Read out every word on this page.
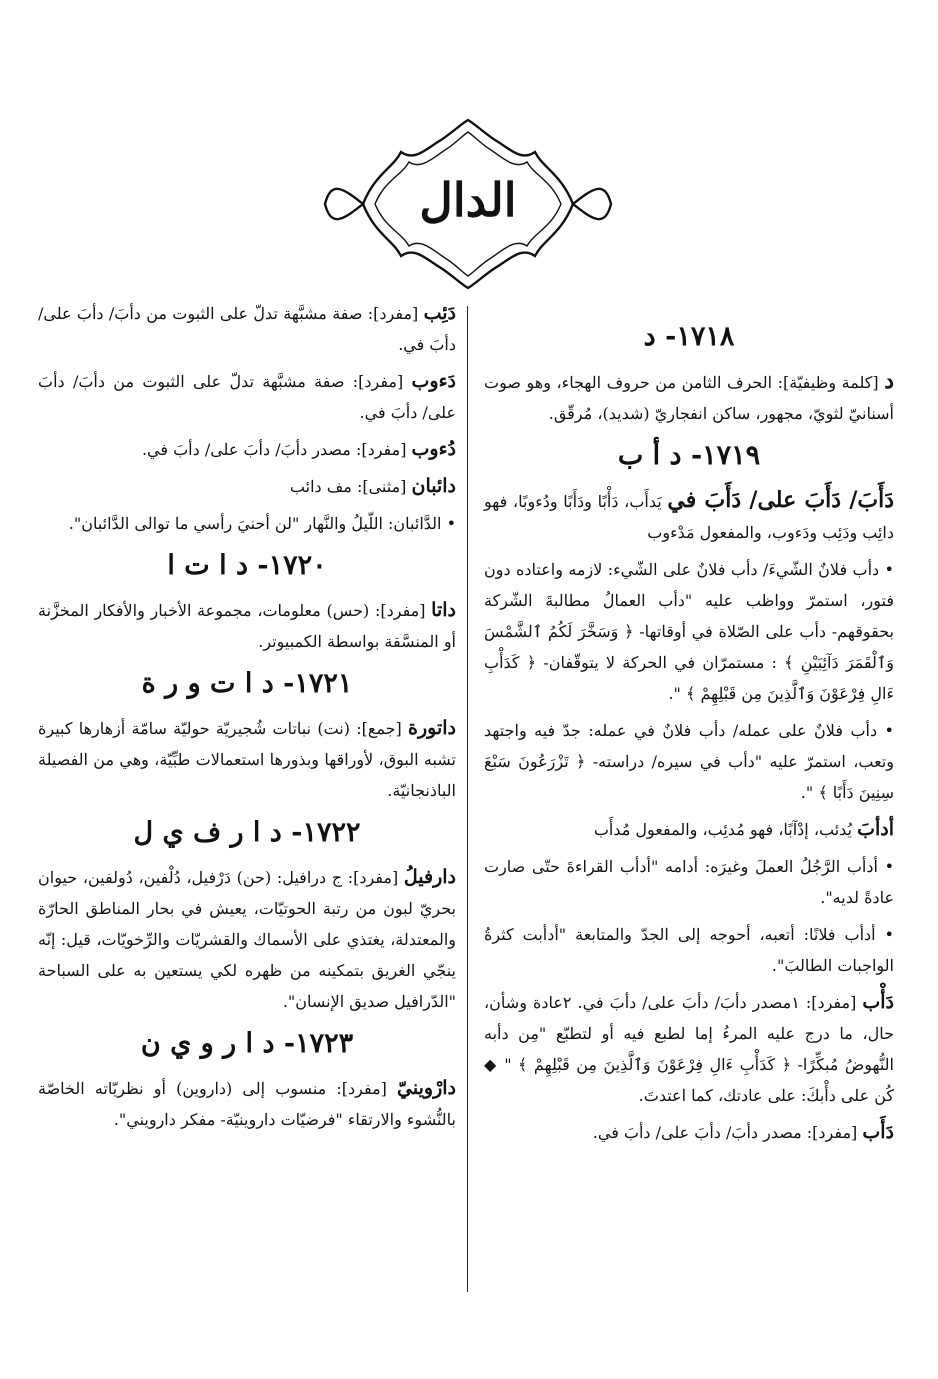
الدال
١٧١٨- د
د [كلمة وظيفيّة]: الحرف الثامن من حروف الهجاء، وهو صوت أسنانيّ لثويّ، مجهور، ساكن انفجاريّ (شديد)، مُرقّق.
١٧١٩- د أ ب
دَأَبَ/ دَأَبَ على/ دَأَبَ في يَدأَب، دَأْبًا ودَأَبًا ودُءوبًا، فهو دائِب ودَئِب ودَءوب، والمفعول مَدْءوب
• دأب فلانٌ الشّيءَ/ دأب فلانٌ على الشّيء: لازمه واعتاده دون فتور، استمرّ وواظب عليه "دأب العمالُ مطالبةَ الشّركة بحقوقهم- دأب على الصّلاة في أوقاتها- ﴿ وَسَخَّرَ لَكُمُ ٱلشَّمْسَ وَٱلْقَمَرَ دَآئِبَيْنِ ﴾ : مستمرّان في الحركة لا يتوقّفان- ﴿ كَدَأْبِ ءَالِ فِرْعَوْنَ وَٱلَّذِينَ مِن قَبْلِهِمْ ﴾ ".
• دأب فلانٌ على عمله/ دأب فلانٌ في عمله: جدّ فيه واجتهد وتعب، استمرّ عليه "دأب في سيره/ دراسته- ﴿ تَزْرَعُونَ سَبْعَ سِنِينَ دَأَبًا ﴾ ".
أدأبَ يُدئب، إدْآبًا، فهو مُدئِب، والمفعول مُدأَب
• أدأب الرَّجُلُ العملَ وغيرَه: أدامه "أدأب القراءةَ حتّى صارت عادةً لديه".
• أدأب فلانًا: أتعبه، أحوجه إلى الجدّ والمتابعة "أدأبت كثرةُ الواجبات الطالبَ".
دَأْب [مفرد]: ١مصدر دأبَ/ دأبَ على/ دأبَ في. ٢عادة وشأن، حال، ما درج عليه المرءُ إما لطبع فيه أو لتطبّع "مِن دأبه النُّهوضُ مُبكِّرًا- ﴿ كَدَأْبِ ءَالِ فِرْعَوْنَ وَٱلَّذِينَ مِن قَبْلِهِمْ ﴾ " ◆ كُن على دأْبكَ: على عادتك، كما اعتدتَ.
دَأَب [مفرد]: مصدر دأبَ/ دأبَ على/ دأبَ في.
دَئِب [مفرد]: صفة مشبَّهة تدلّ على الثبوت من دأبَ/ دأبَ على/ دأبَ في.
دَءوب [مفرد]: صفة مشبَّهة تدلّ على الثبوت من دأبَ/ دأبَ على/ دأبَ في.
دُءوب [مفرد]: مصدر دأبَ/ دأبَ على/ دأبَ في.
دائبان [مثنى]: مف دائب
• الدَّائبان: اللّيلُ والنَّهار "لن أحنيَ رأسي ما توالى الدَّائبان".
١٧٢٠- د ا ت ا
داتا [مفرد]: (حس) معلومات، مجموعة الأخبار والأفكار المخزَّنة أو المنسَّقة بواسطة الكمبيوتر.
١٧٢١- د ا ت و ر ة
داتورة [جمع]: (نت) نباتات شُجيريّة حوليّة سامّة أزهارها كبيرة تشبه البوق، لأوراقها وبذورها استعمالات طبِّيّة، وهي من الفصيلة الباذنجانيّة.
١٧٢٢- د ا ر ف ي ل
دارفيلُ [مفرد]: ج درافيل: (حن) دَرْفيل، دُلْفين، دُولفين، حيوان بحريّ لبون من رتبة الحوتيّات، يعيش في بحار المناطق الحارّة والمعتدلة، يغتذي على الأسماك والقشريّات والرِّخويّات، قيل: إنّه ينجّي الغريق بتمكينه من ظهره لكي يستعين به على السباحة "الدّرافيل صديق الإنسان".
١٧٢٣- د ا ر و ي ن
دارْوينيّ [مفرد]: منسوب إلى (داروين) أو نظريّاته الخاصّة بالنُّشوء والارتقاء "فرضيّات داروينيّة- مفكر دارويني".
